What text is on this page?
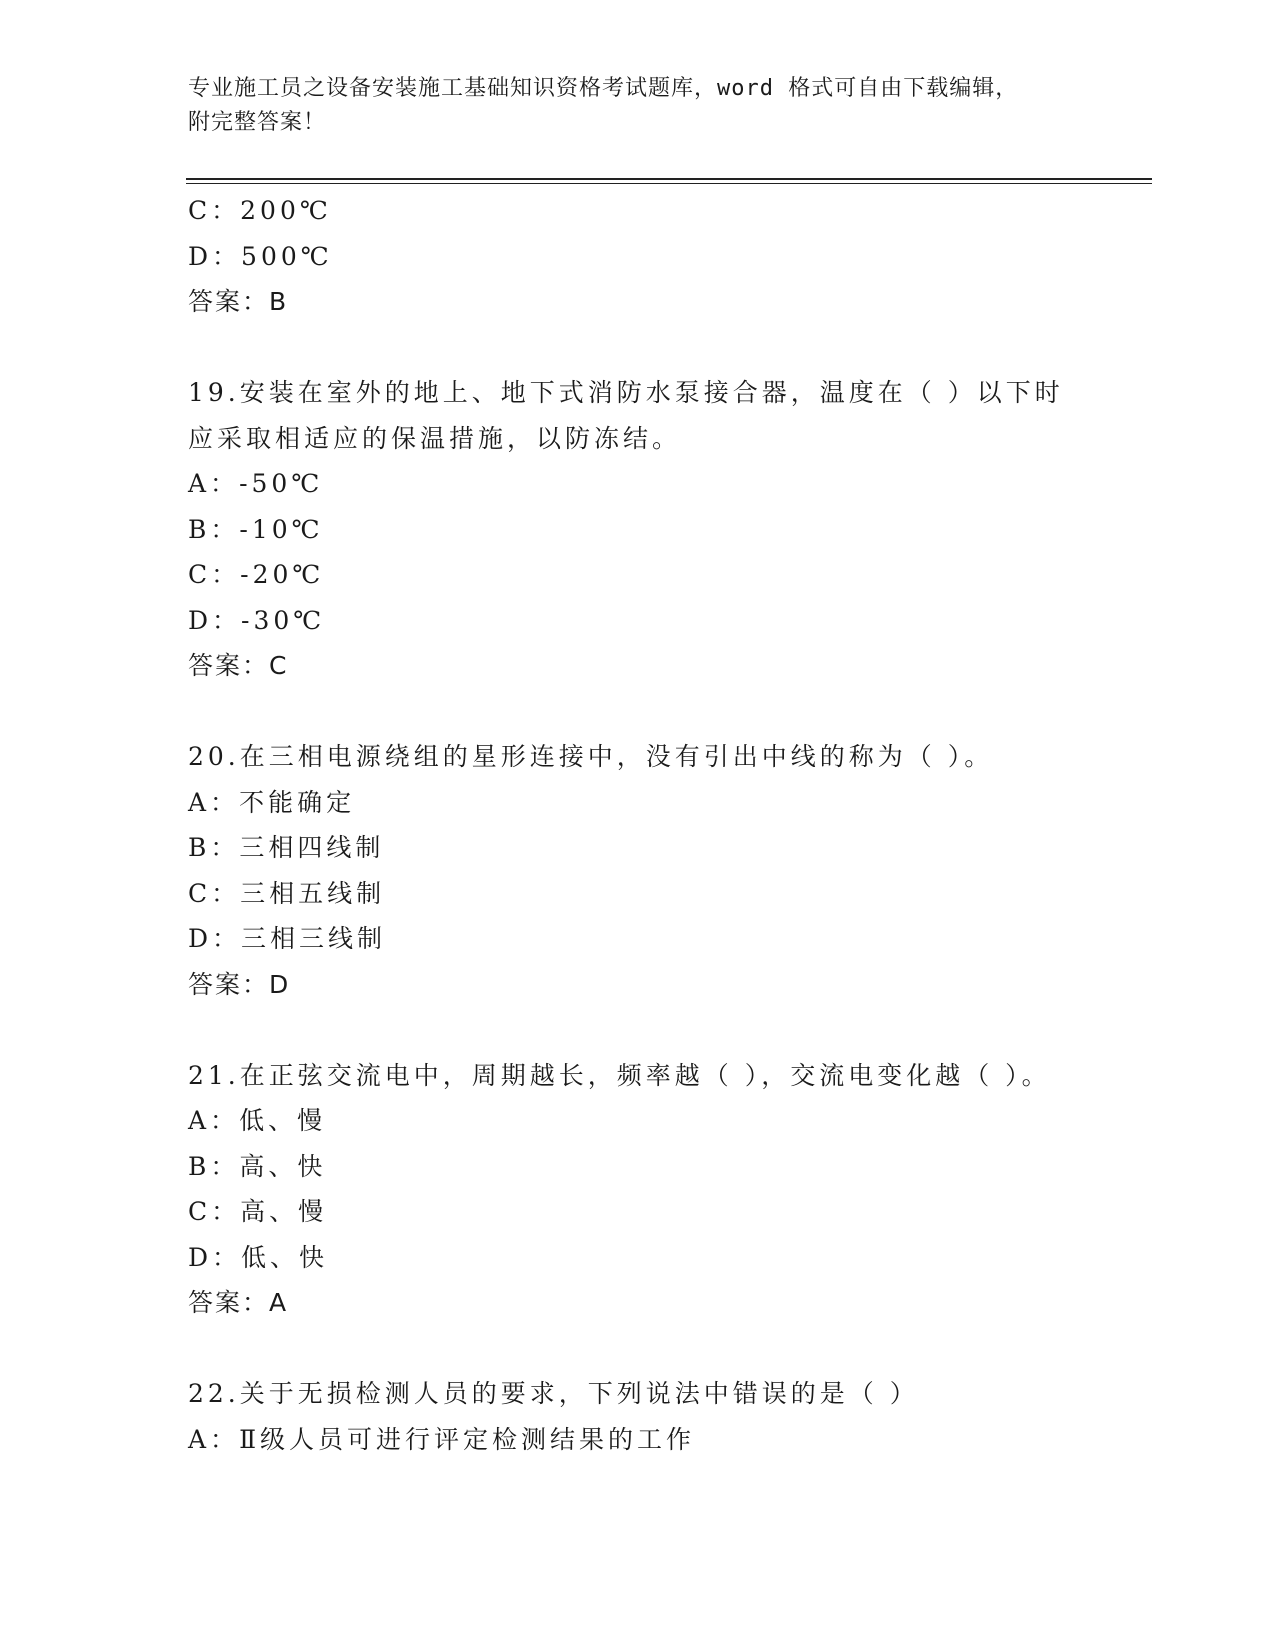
专业施工员之设备安装施工基础知识资格考试题库，word 格式可自由下载编辑，
附完整答案！
C：200℃
D：500℃
答案：B
19.安装在室外的地上、地下式消防水泵接合器，温度在（ ）以下时
应采取相适应的保温措施，以防冻结。
A：-50℃
B：-10℃
C：-20℃
D：-30℃
答案：C
20.在三相电源绕组的星形连接中，没有引出中线的称为（ ）。
A：不能确定
B：三相四线制
C：三相五线制
D：三相三线制
答案：D
21.在正弦交流电中，周期越长，频率越（ ），交流电变化越（ ）。
A：低、慢
B：高、快
C：高、慢
D：低、快
答案：A
22.关于无损检测人员的要求，下列说法中错误的是（ ）
A：Ⅱ级人员可进行评定检测结果的工作
